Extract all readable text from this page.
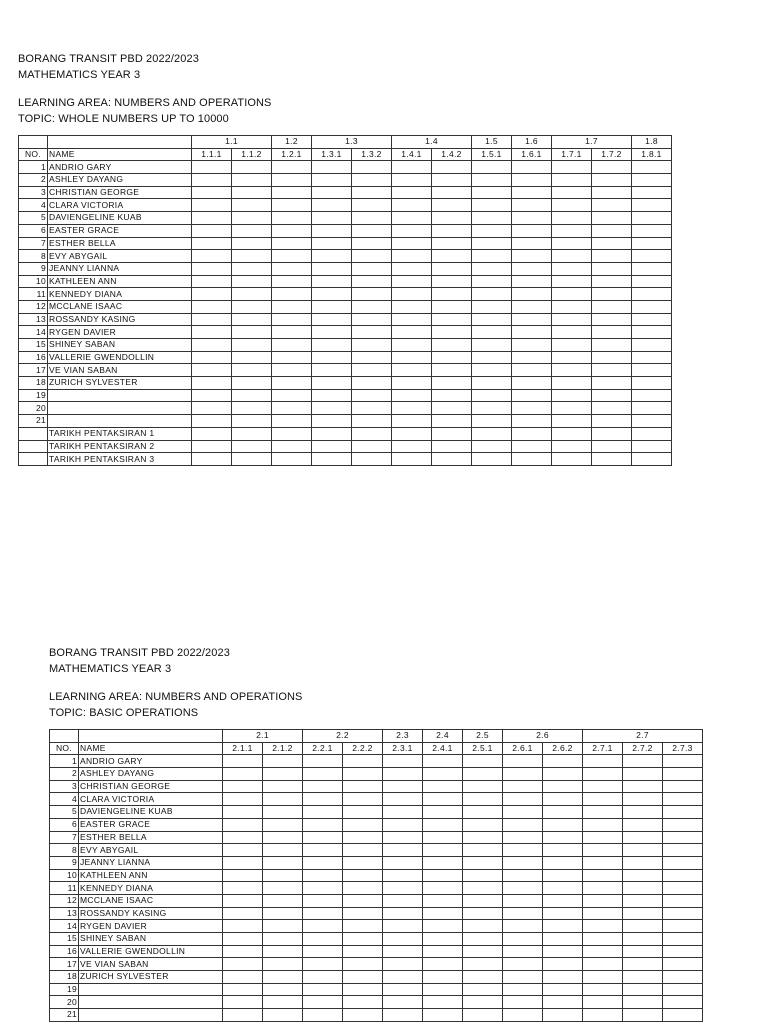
BORANG TRANSIT PBD 2022/2023
MATHEMATICS YEAR 3
LEARNING AREA: NUMBERS AND OPERATIONS
TOPIC: WHOLE NUMBERS UP TO 10000
		1.1		1.2	1.3		1.4		1.5	1.6	1.7		1.8
NO.	NAME	1.1.1	1.1.2	1.2.1	1.3.1	1.3.2	1.4.1	1.4.2	1.5.1	1.6.1	1.7.1	1.7.2	1.8.1
1	ANDRIO GARY												
2	ASHLEY DAYANG												
3	CHRISTIAN GEORGE												
4	CLARA VICTORIA												
5	DAVIENGELINE KUAB												
6	EASTER GRACE												
7	ESTHER BELLA												
8	EVY ABYGAIL												
9	JEANNY LIANNA												
10	KATHLEEN ANN												
11	KENNEDY DIANA												
12	MCCLANE ISAAC												
13	ROSSANDY KASING												
14	RYGEN DAVIER												
15	SHINEY SABAN												
16	VALLERIE GWENDOLLIN												
17	VE VIAN SABAN												
18	ZURICH SYLVESTER												
19													
20													
21													
	TARIKH PENTAKSIRAN 1												
	TARIKH PENTAKSIRAN 2												
	TARIKH PENTAKSIRAN 3												
BORANG TRANSIT PBD 2022/2023
MATHEMATICS YEAR 3
LEARNING AREA: NUMBERS AND OPERATIONS
TOPIC: BASIC OPERATIONS
		2.1		2.2		2.3	2.4	2.5	2.6		2.7		
NO.	NAME	2.1.1	2.1.2	2.2.1	2.2.2	2.3.1	2.4.1	2.5.1	2.6.1	2.6.2	2.7.1	2.7.2	2.7.3
1	ANDRIO GARY												
2	ASHLEY DAYANG												
3	CHRISTIAN GEORGE												
4	CLARA VICTORIA												
5	DAVIENGELINE KUAB												
6	EASTER GRACE												
7	ESTHER BELLA												
8	EVY ABYGAIL												
9	JEANNY LIANNA												
10	KATHLEEN ANN												
11	KENNEDY DIANA												
12	MCCLANE ISAAC												
13	ROSSANDY KASING												
14	RYGEN DAVIER												
15	SHINEY SABAN												
16	VALLERIE GWENDOLLIN												
17	VE VIAN SABAN												
18	ZURICH SYLVESTER												
19													
20													
21													
